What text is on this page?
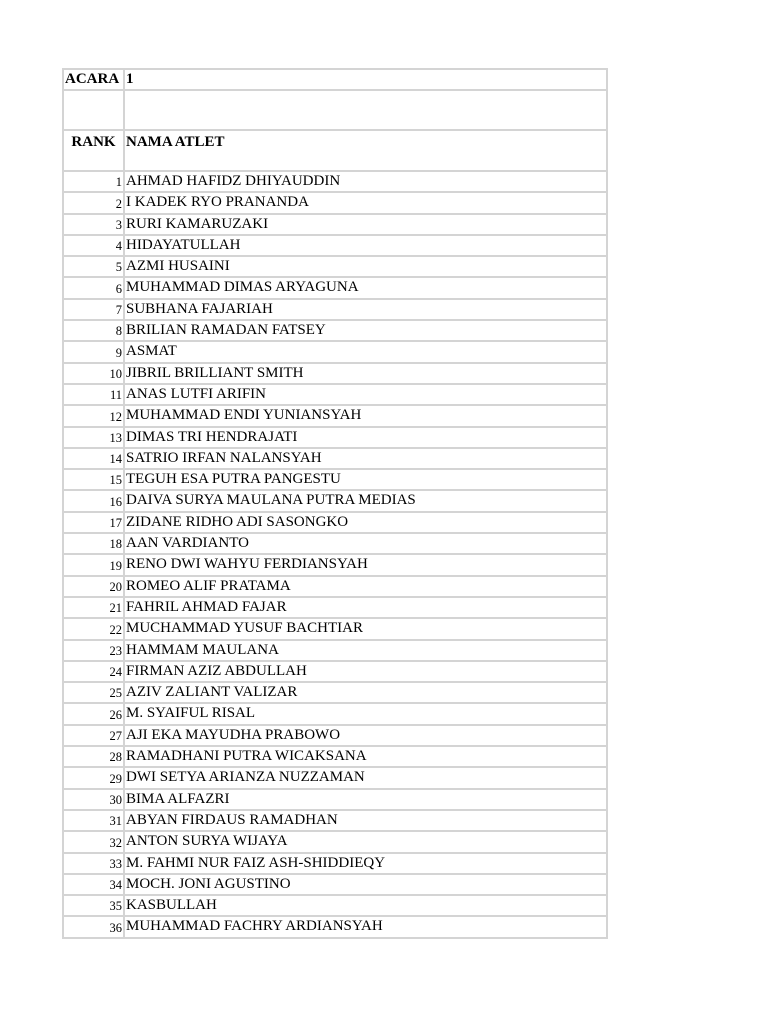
ACARA	1

RANK	NAMA ATLET
1	AHMAD HAFIDZ DHIYAUDDIN
2	I KADEK RYO PRANANDA
3	RURI KAMARUZAKI
4	HIDAYATULLAH
5	AZMI HUSAINI
6	MUHAMMAD DIMAS ARYAGUNA
7	SUBHANA FAJARIAH
8	BRILIAN RAMADAN FATSEY
9	ASMAT
10	JIBRIL BRILLIANT SMITH
11	ANAS LUTFI ARIFIN
12	MUHAMMAD ENDI YUNIANSYAH
13	DIMAS TRI HENDRAJATI
14	SATRIO IRFAN NALANSYAH
15	TEGUH ESA PUTRA PANGESTU
16	DAIVA SURYA MAULANA PUTRA MEDIAS
17	ZIDANE RIDHO ADI SASONGKO
18	AAN VARDIANTO
19	RENO DWI WAHYU FERDIANSYAH
20	ROMEO ALIF PRATAMA
21	FAHRIL AHMAD FAJAR
22	MUCHAMMAD YUSUF BACHTIAR
23	HAMMAM MAULANA
24	FIRMAN AZIZ ABDULLAH
25	AZIV ZALIANT VALIZAR
26	M. SYAIFUL RISAL
27	AJI EKA MAYUDHA PRABOWO
28	RAMADHANI PUTRA WICAKSANA
29	DWI SETYA ARIANZA NUZZAMAN
30	BIMA ALFAZRI
31	ABYAN FIRDAUS RAMADHAN
32	ANTON SURYA WIJAYA
33	M. FAHMI NUR FAIZ ASH-SHIDDIEQY
34	MOCH. JONI AGUSTINO
35	KASBULLAH
36	MUHAMMAD FACHRY ARDIANSYAH
